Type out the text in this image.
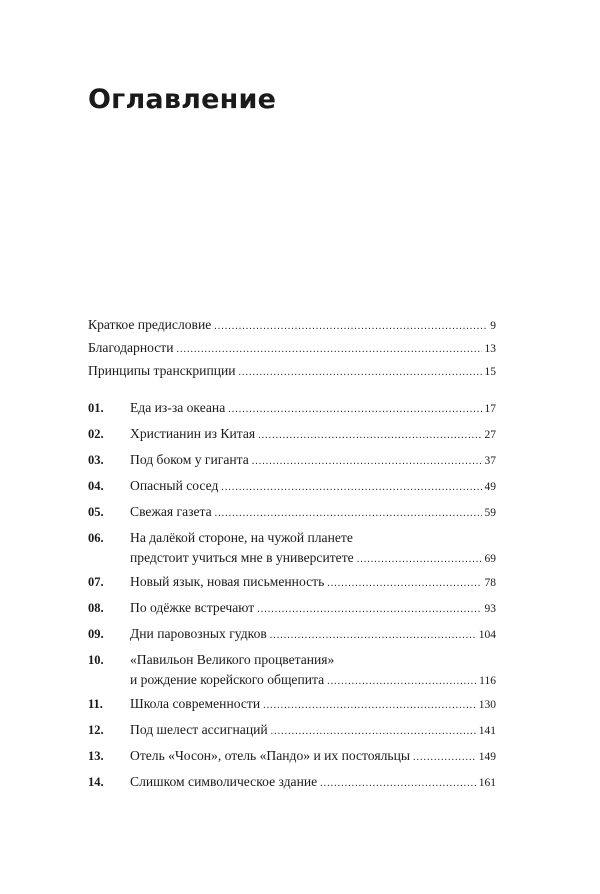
Оглавление
Краткое предисловие .....	9
Благодарности .....	13
Принципы транскрипции .....	15
01. Еда из-за океана .....	17
02. Христианин из Китая .....	27
03. Под боком у гиганта .....	37
04. Опасный сосед .....	49
05. Свежая газета .....	59
06. На далёкой стороне, на чужой планете
предстоит учиться мне в университете .....	69
07. Новый язык, новая письменность .....	78
08. По одёжке встречают .....	93
09. Дни паровозных гудков .....	104
10. «Павильон Великого процветания»
и рождение корейского общепита .....	116
11. Школа современности .....	130
12. Под шелест ассигнаций .....	141
13. Отель «Чосон», отель «Пандо» и их постояльцы .....	149
14. Слишком символическое здание .....	161
